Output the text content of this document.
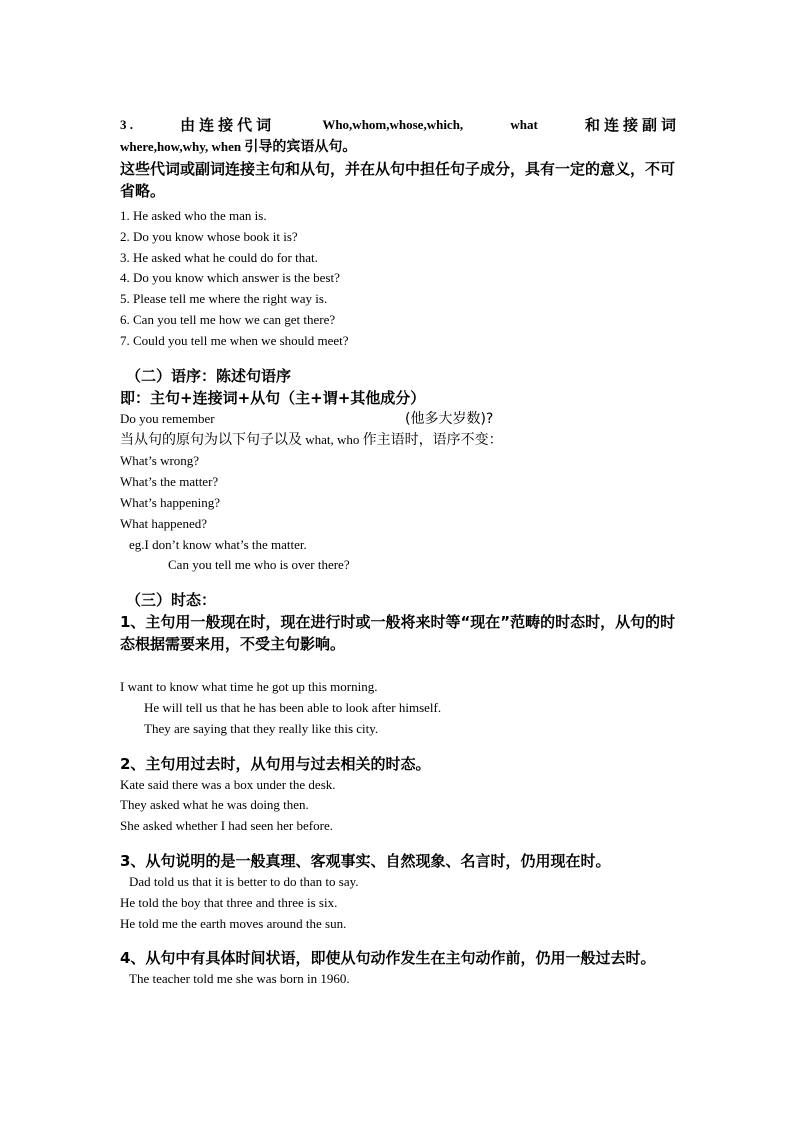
3 .	由连接代词	Who,whom,whose,which,	what	和连接副词
where,how,why, when 引导的宾语从句。
这些代词或副词连接主句和从句，并在从句中担任句子成分，具有一定的意义，不可省略。

1. He asked who the man is.

2. Do you know whose book it is?

3. He asked what he could do for that.

4. Do you know which answer is the best?

5. Please tell me where the right way is.

6. Can you tell me how we can get there?

7. Could you tell me when we should meet?

（二）语序：陈述句语序
即：主句+连接词+从句（主+谓+其他成分）
Do you remember	(他多大岁数)?
当从句的原句为以下句子以及 what, who 作主语时，语序不变：

What’s wrong?

What’s the matter?

What’s happening?

What happened?

eg.I don’t know what’s the matter.

Can you tell me who is over there?

（三）时态：
1、主句用一般现在时，现在进行时或一般将来时等“现在”范畴的时态时，从句的时态根据需要来用，不受主句影响。

I want to know what time he got up this morning.

He will tell us that he has been able to look after himself.

They are saying that they really like this city.

2、主句用过去时，从句用与过去相关的时态。

Kate said there was a box under the desk.

They asked what he was doing then.

She asked whether I had seen her before.

3、从句说明的是一般真理、客观事实、自然现象、名言时，仍用现在时。

Dad told us that it is better to do than to say.

He told the boy that three and three is six.

He told me the earth moves around the sun.

4、从句中有具体时间状语，即使从句动作发生在主句动作前，仍用一般过去时。

The teacher told me she was born in 1960.
